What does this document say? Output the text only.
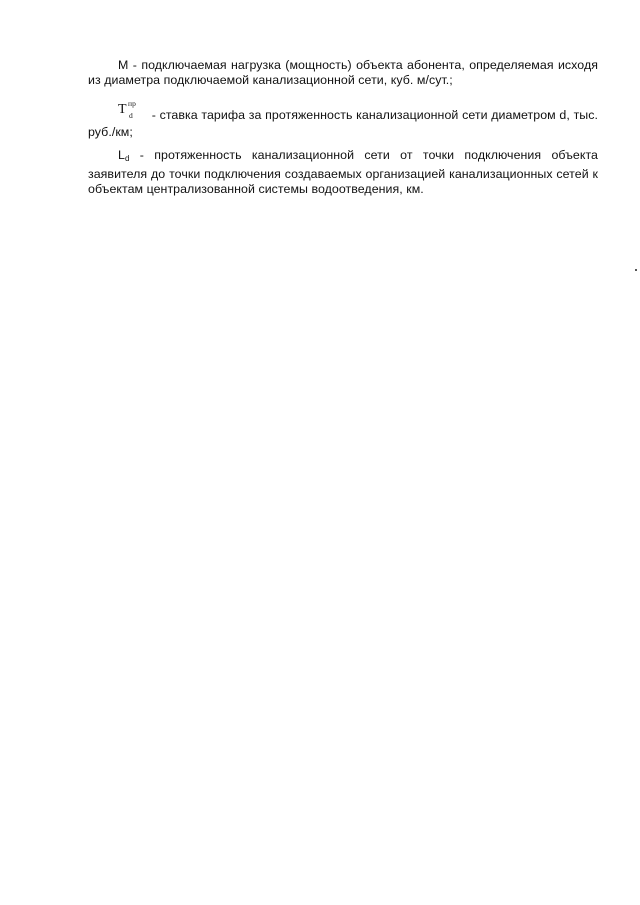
М - подключаемая нагрузка (мощность) объекта абонента, определяемая исходя из диаметра подключаемой канализационной сети, куб. м/сут.;

Т пр
d - ставка тарифа за протяженность канализационной сети диаметром d, тыс. руб./км;

Ld - протяженность канализационной сети от точки подключения объекта заявителя до точки подключения создаваемых организацией канализационных сетей к объектам централизованной системы водоотведения, км.
